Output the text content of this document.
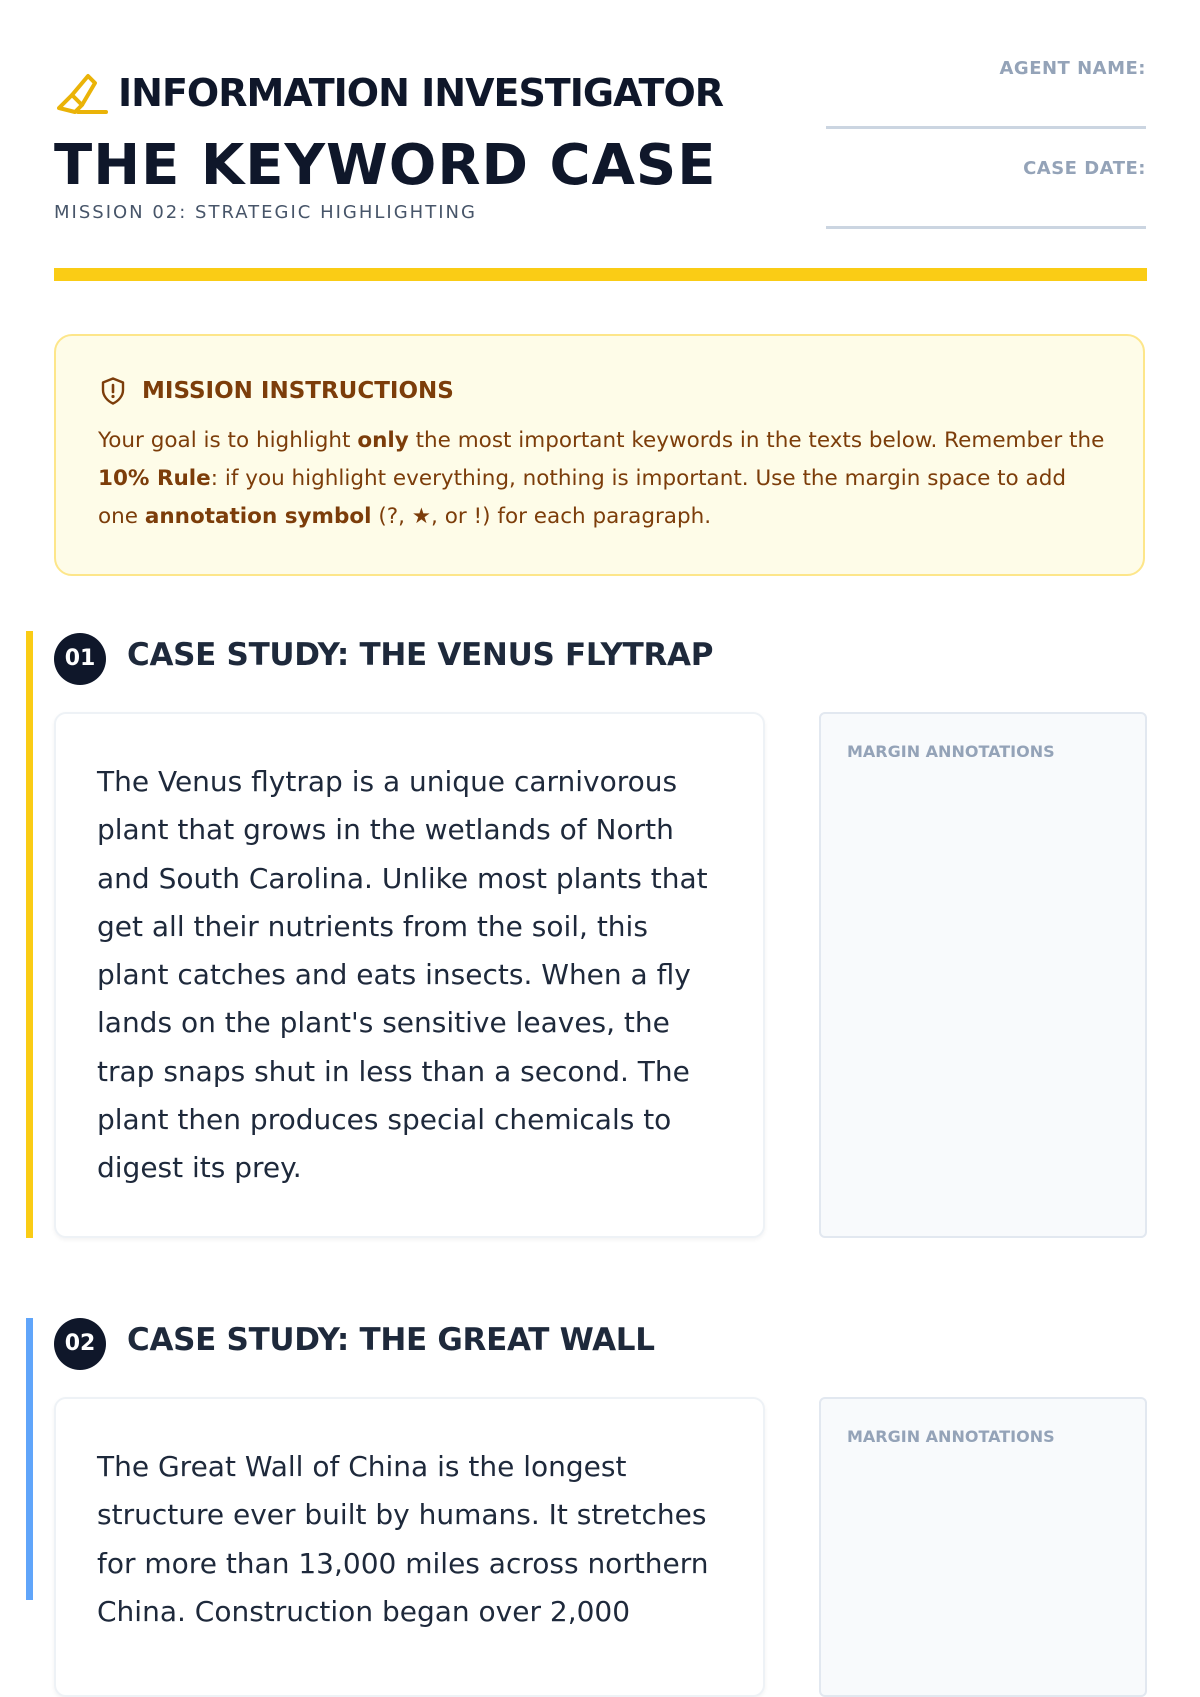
INFORMATION INVESTIGATOR
THE KEYWORD CASE
MISSION 02: STRATEGIC HIGHLIGHTING
AGENT NAME:
CASE DATE:
MISSION INSTRUCTIONS
Your goal is to highlight only the most important keywords in the texts below. Remember the 10% Rule: if you highlight everything, nothing is important. Use the margin space to add one annotation symbol (?, ★, or !) for each paragraph.
01	CASE STUDY: THE VENUS FLYTRAP
The Venus flytrap is a unique carnivorous plant that grows in the wetlands of North and South Carolina. Unlike most plants that get all their nutrients from the soil, this plant catches and eats insects. When a fly lands on the plant's sensitive leaves, the trap snaps shut in less than a second. The plant then produces special chemicals to digest its prey.
MARGIN ANNOTATIONS
02	CASE STUDY: THE GREAT WALL
The Great Wall of China is the longest structure ever built by humans. It stretches for more than 13,000 miles across northern China. Construction began over 2,000
MARGIN ANNOTATIONS
